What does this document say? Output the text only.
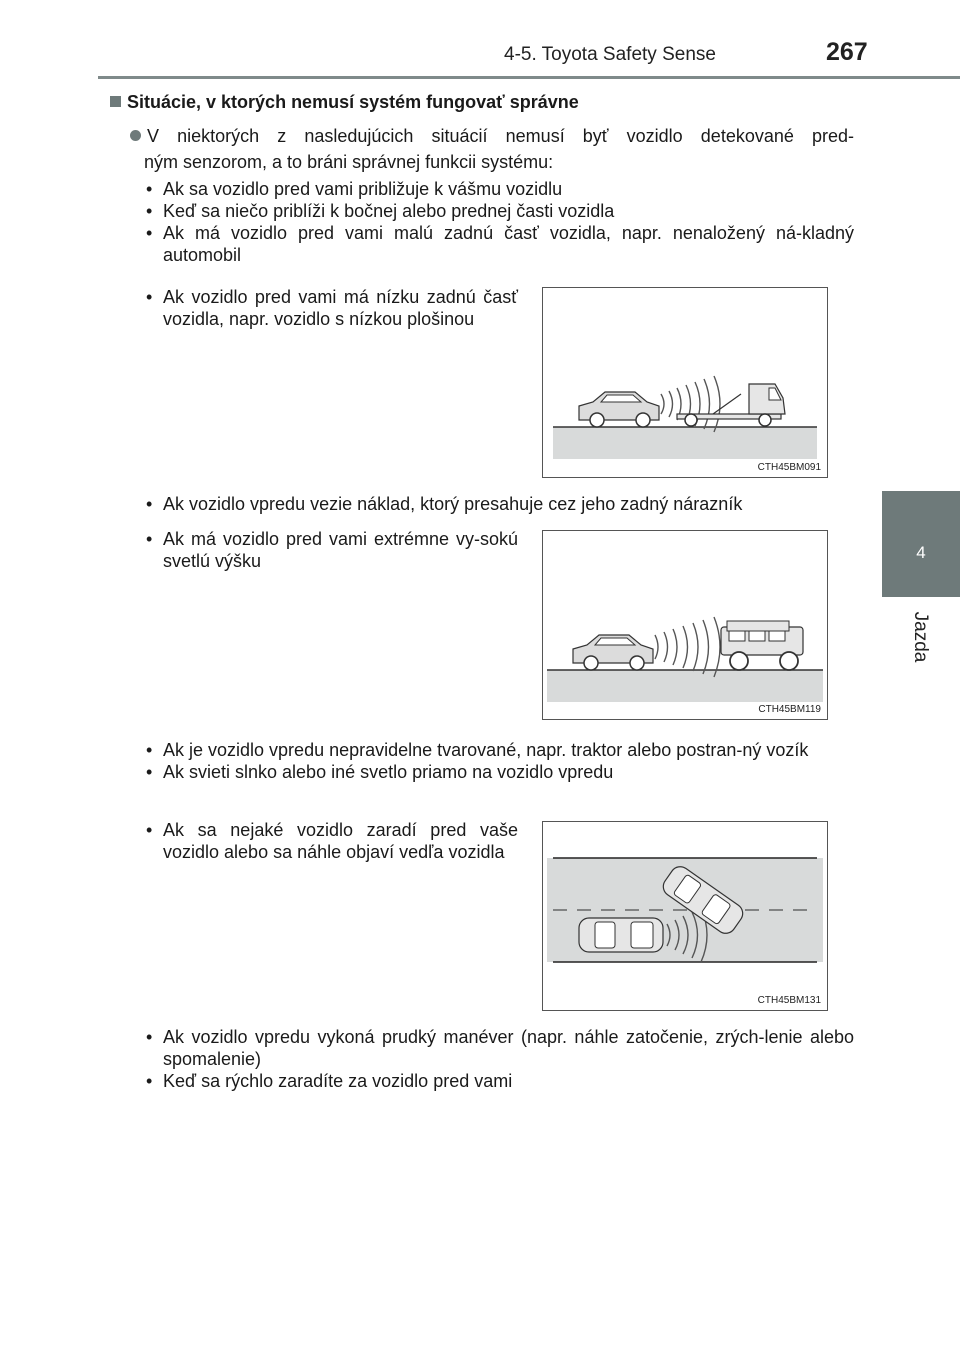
4-5. Toyota Safety Sense	267
4
Jazda
Situácie, v ktorých nemusí systém fungovať správne

V niektorých z nasledujúcich situácií nemusí byť vozidlo detekované pred-

ným senzorom, a to bráni správnej funkcii systému:

• Ak sa vozidlo pred vami približuje k vášmu vozidlu
• Keď sa niečo priblíži k bočnej alebo prednej časti vozidla
• Ak má vozidlo pred vami malú zadnú časť vozidla, napr. nenaložený ná-kladný automobil
• Ak vozidlo pred vami má nízku zadnú časť vozidla, napr. vozidlo s nízkou plošinou
CTH45BM091
• Ak vozidlo vpredu vezie náklad, ktorý presahuje cez jeho zadný nárazník
• Ak má vozidlo pred vami extrémne vy-sokú svetlú výšku
CTH45BM119
• Ak je vozidlo vpredu nepravidelne tvarované, napr. traktor alebo postran-ný vozík
• Ak svieti slnko alebo iné svetlo priamo na vozidlo vpredu
• Ak sa nejaké vozidlo zaradí pred vaše vozidlo alebo sa náhle objaví vedľa vozidla
CTH45BM131
• Ak vozidlo vpredu vykoná prudký manéver (napr. náhle zatočenie, zrých-lenie alebo spomalenie)
• Keď sa rýchlo zaradíte za vozidlo pred vami
